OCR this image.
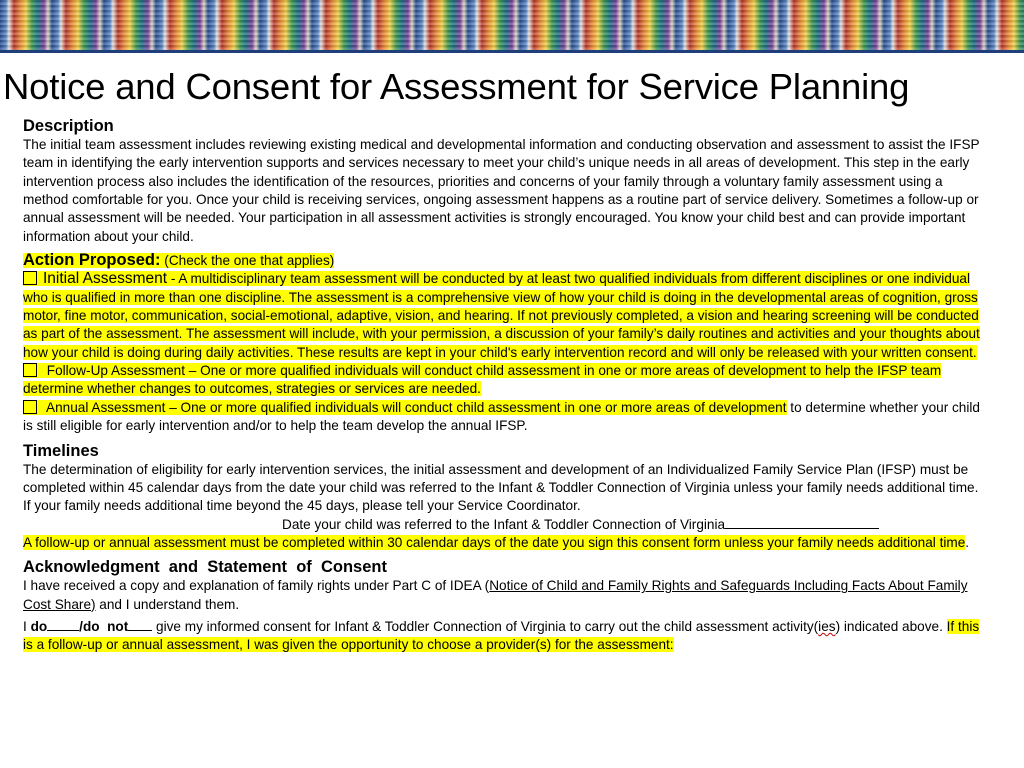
Notice and Consent for Assessment for Service Planning
Description

The initial team assessment includes reviewing existing medical and developmental information and conducting observation and assessment to assist the IFSP team in identifying the early intervention supports and services necessary to meet your child’s unique needs in all areas of development. This step in the early intervention process also includes the identification of the resources, priorities and concerns of your family through a voluntary family assessment using a method comfortable for you. Once your child is receiving services, ongoing assessment happens as a routine part of service delivery. Sometimes a follow-up or annual assessment will be needed. Your participation in all assessment activities is strongly encouraged. You know your child best and can provide important information about your child.

Action Proposed: (Check the one that applies)

Initial Assessment - A multidisciplinary team assessment will be conducted by at least two qualified individuals from different disciplines or one individual who is qualified in more than one discipline. The assessment is a comprehensive view of how your child is doing in the developmental areas of cognition, gross motor, fine motor, communication, social-emotional, adaptive, vision, and hearing. If not previously completed, a vision and hearing screening will be conducted as part of the assessment. The assessment will include, with your permission, a discussion of your family’s daily routines and activities and your thoughts about how your child is doing during daily activities. These results are kept in your child's early intervention record and will only be released with your written consent.

Follow-Up Assessment – One or more qualified individuals will conduct child assessment in one or more areas of development to help the IFSP team determine whether changes to outcomes, strategies or services are needed.

Annual Assessment – One or more qualified individuals will conduct child assessment in one or more areas of development to determine whether your child is still eligible for early intervention and/or to help the team develop the annual IFSP.

Timelines

The determination of eligibility for early intervention services, the initial assessment and development of an Individualized Family Service Plan (IFSP) must be completed within 45 calendar days from the date your child was referred to the Infant & Toddler Connection of Virginia unless your family needs additional time. If your family needs additional time beyond the 45 days, please tell your Service Coordinator.

Date your child was referred to the Infant & Toddler Connection of Virginia

A follow-up or annual assessment must be completed within 30 calendar days of the date you sign this consent form unless your family needs additional time.

Acknowledgment  and  Statement  of  Consent

I have received a copy and explanation of family rights under Part C of IDEA (Notice of Child and Family Rights and Safeguards Including Facts About Family Cost Share) and I understand them.

I do /do  not give my informed consent for Infant & Toddler Connection of Virginia to carry out the child assessment activity(ies) indicated above. If this is a follow-up or annual assessment, I was given the opportunity to choose a provider(s) for the assessment:
